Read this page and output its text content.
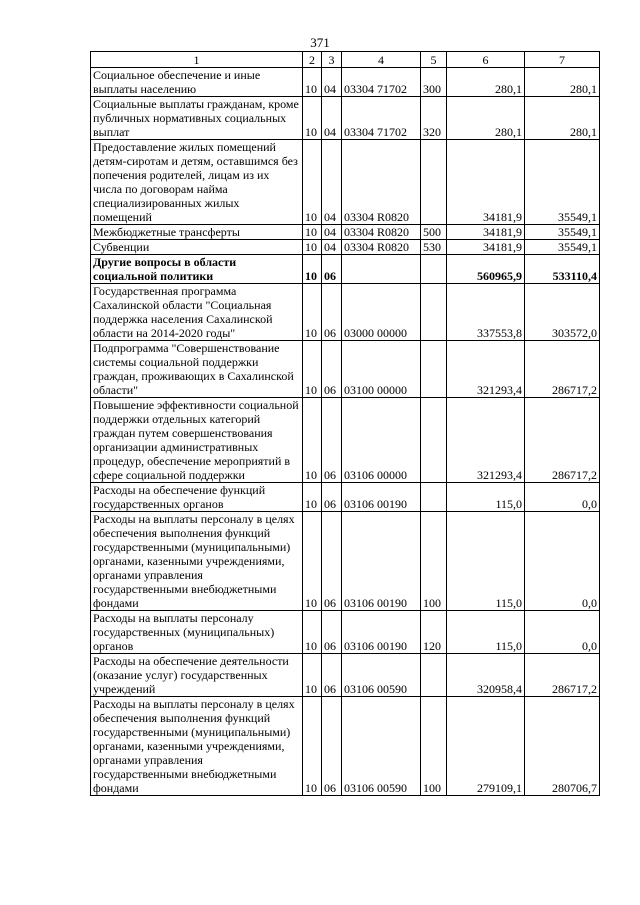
371
1	2	3	4	5	6	7
Социальное обеспечение и иные выплаты населению	10	04	03304 71702	300	280,1	280,1
Социальные выплаты гражданам, кроме публичных нормативных социальных выплат	10	04	03304 71702	320	280,1	280,1
Предоставление жилых помещений детям-сиротам и детям, оставшимся без попечения родителей, лицам из их числа по договорам найма специализированных жилых помещений	10	04	03304 R0820		34181,9	35549,1
Межбюджетные трансферты	10	04	03304 R0820	500	34181,9	35549,1
Субвенции	10	04	03304 R0820	530	34181,9	35549,1
Другие вопросы в области социальной политики	10	06			560965,9	533110,4
Государственная программа Сахалинской области "Социальная поддержка населения Сахалинской области на 2014-2020 годы"	10	06	03000 00000		337553,8	303572,0
Подпрограмма "Совершенствование системы социальной поддержки граждан, проживающих в Сахалинской области"	10	06	03100 00000		321293,4	286717,2
Повышение эффективности социальной поддержки отдельных категорий граждан путем совершенствования организации административных процедур, обеспечение мероприятий в сфере социальной поддержки	10	06	03106 00000		321293,4	286717,2
Расходы на обеспечение функций государственных органов	10	06	03106 00190		115,0	0,0
Расходы на выплаты персоналу в целях обеспечения выполнения функций государственными (муниципальными) органами, казенными учреждениями, органами управления государственными внебюджетными фондами	10	06	03106 00190	100	115,0	0,0
Расходы на выплаты персоналу государственных (муниципальных) органов	10	06	03106 00190	120	115,0	0,0
Расходы на обеспечение деятельности (оказание услуг) государственных учреждений	10	06	03106 00590		320958,4	286717,2
Расходы на выплаты персоналу в целях обеспечения выполнения функций государственными (муниципальными) органами, казенными учреждениями, органами управления государственными внебюджетными фондами	10	06	03106 00590	100	279109,1	280706,7
